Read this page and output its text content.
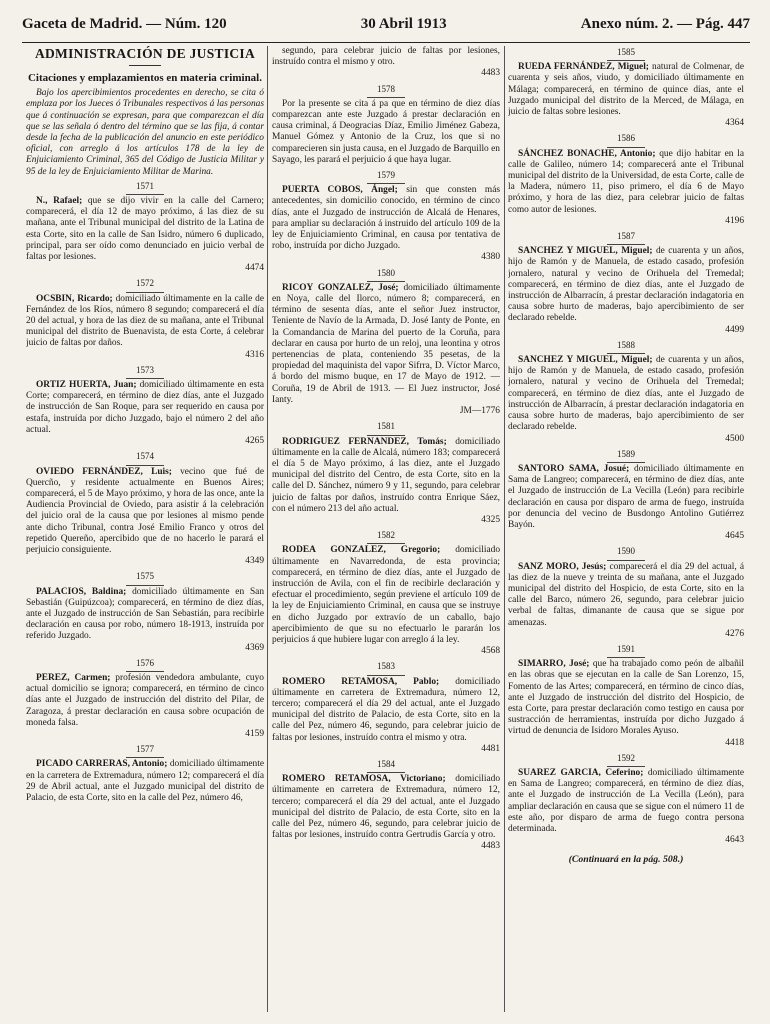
Gaceta de Madrid. — Núm. 120	30 Abril 1913	Anexo núm. 2. — Pág. 447
ADMINISTRACIÓN DE JUSTICIA
Citaciones y emplazamientos en materia criminal.
Bajo los apercibimientos procedentes en derecho, se cita ó emplaza por los Jueces ó Tribunales respectivos á las personas que á continuación se expresan, para que comparezcan el día que se las señala ó dentro del término que se las fija, á contar desde la fecha de la publicación del anuncio en este periódico oficial, con arreglo á los artículos 178 de la ley de Enjuiciamiento Criminal, 365 del Código de Justicia Militar y 95 de la ley de Enjuiciamiento Militar de Marina.
1571
N., Rafael; que se dijo vivir en la calle del Carnero; comparecerá, el día 12 de mayo próximo, á las diez de su mañana, ante el Tribunal municipal del distrito de la Latina de esta Corte, sito en la calle de San Isidro, número 6 duplicado, principal, para ser oído como denunciado en juicio verbal de faltas por lesiones.
4474
1572
OCSBIN, Ricardo; domiciliado últimamente en la calle de Fernández de los Ríos, número 8 segundo; comparecerá el día 20 del actual, y hora de las diez de su mañana, ante el Tribunal municipal del distrito de Buenavista, de esta Corte, á celebrar juicio de faltas por daños.
4316
1573
ORTIZ HUERTA, Juan; domiciliado últimamente en esta Corte; comparecerá, en término de diez días, ante el Juzgado de instrucción de San Roque, para ser requerido en causa por estafa, instruída por dicho Juzgado, bajo el número 2 del año actual.
4265
1574
OVIEDO FERNÁNDEZ, Luis; vecino que fué de Quercño, y residente actualmente en Buenos Aires; comparecerá, el 5 de Mayo próximo, y hora de las once, ante la Audiencia Provincial de Oviedo, para asistir á la celebración del juicio oral de la causa que por lesiones al mismo pende ante dicho Tribunal, contra José Emilio Franco y otros del repetido Quereño, apercibido que de no hacerlo le parará el perjuicio consiguiente.
4349
1575
PALACIOS, Baldina; domiciliado últimamente en San Sebastián (Guipúzcoa); comparecerá, en término de diez días, ante el Juzgado de instrucción de San Sebastián, para recibirle declaración en causa por robo, número 18-1913, instruída por referido Juzgado.
4369
1576
PEREZ, Carmen; profesión vendedora ambulante, cuyo actual domicilio se ignora; comparecerá, en término de cinco días ante el Juzgado de instrucción del distrito del Pilar, de Zaragoza, á prestar declaración en causa sobre ocupación de moneda falsa.
4159
1577
PICADO CARRERAS, Antonio; domiciliado últimamente en la carretera de Extremadura, número 12; comparecerá el día 29 de Abril actual, ante el Juzgado municipal del distrito de Palacio, de esta Corte, sito en la calle del Pez, número 46,
segundo, para celebrar juicio de faltas por lesiones, instruído contra el mismo y otro.
4483
1578
Por la presente se cita á pa que en término de diez días comparezcan ante este Juzgado á prestar declaración en causa criminal, á Deogracias Díaz, Emilio Jiménez Gabeza, Manuel Gómez y Antonio de la Cruz, los que si no comparecieren sin justa causa, en el Juzgado de Barquillo en Sayago, les parará el perjuicio á que haya lugar.
1579
PUERTA COBOS, Ángel; sin que consten más antecedentes, sin domicilio conocido, en término de cinco días, ante el Juzgado de instrucción de Alcalá de Henares, para ampliar su declaración á instruido del artículo 109 de la ley de Enjuiciamiento Criminal, en causa por tentativa de robo, instruída por dicho Juzgado.
4380
1580
RICOY GONZALEZ, José; domiciliado últimamente en Noya, calle del Ilorco, número 8; comparecerá, en término de sesenta días, ante el señor Juez instructor, Teniente de Navío de la Armada, D. José Ianty de Ponte, en la Comandancia de Marina del puerto de la Coruña, para declarar en causa por hurto de un reloj, una leontina y otros pertenencias de plata, conteniendo 35 pesetas, de la propiedad del maquinista del vapor Sifrra, D. Víctor Marco, á bordo del mismo buque, en 17 de Mayo de 1912. — Coruña, 19 de Abril de 1913. — El Juez instructor, José Ianty.
JM—1776
1581
RODRIGUEZ FERNANDEZ, Tomás; domiciliado últimamente en la calle de Alcalá, número 183; comparecerá el día 5 de Mayo próximo, á las diez, ante el Juzgado municipal del distrito del Centro, de esta Corte, sito en la calle del D. Sánchez, número 9 y 11, segundo, para celebrar juicio de faltas por daños, instruído contra Enrique Sáez, con el número 213 del año actual.
4325
1582
RODEA GONZALEZ, Gregorio; domiciliado últimamente en Navarredonda, de esta provincia; comparecerá, en término de diez días, ante el Juzgado de instrucción de Avila, con el fin de recibirle declaración y efectuar el procedimiento, según previene el artículo 109 de la ley de Enjuiciamiento Criminal, en causa que se instruye en dicho Juzgado por extravío de un caballo, bajo apercibimiento de que su no efectuarlo le pararán los perjuicios á que hubiere lugar con arreglo á la ley.
4568
1583
ROMERO RETAMOSA, Pablo; domiciliado últimamente en carretera de Extremadura, número 12, tercero; comparecerá el día 29 del actual, ante el Juzgado municipal del distrito de Palacio, de esta Corte, sito en la calle del Pez, número 46, segundo, para celebrar juicio de faltas por lesiones, instruído contra el mismo y otra.
4481
1584
ROMERO RETAMOSA, Victoriano; domiciliado últimamente en carretera de Extremadura, número 12, tercero; comparecerá el día 29 del actual, ante el Juzgado municipal del distrito de Palacio, de esta Corte, sito en la calle del Pez, número 46, segundo, para celebrar juicio de faltas por lesiones, instruído contra Gertrudis García y otro.
4483
1585
RUEDA FERNÁNDEZ, Miguel; natural de Colmenar, de cuarenta y seis años, viudo, y domiciliado últimamente en Málaga; comparecerá, en término de quince días, ante el Juzgado municipal del distrito de la Merced, de Málaga, en juicio de faltas sobre lesiones.
4364
1586
SÁNCHEZ BONACHE, Antonio; que dijo habitar en la calle de Galileo, número 14; comparecerá ante el Tribunal municipal del distrito de la Universidad, de esta Corte, calle de la Madera, número 11, piso primero, el día 6 de Mayo próximo, y hora de las diez, para celebrar juicio de faltas como autor de lesiones.
4196
1587
SANCHEZ Y MIGUEL, Miguel; de cuarenta y un años, hijo de Ramón y de Manuela, de estado casado, profesión jornalero, natural y vecino de Orihuela del Tremedal; comparecerá, en término de diez días, ante el Juzgado de instrucción de Albarracín, á prestar declaración indagatoria en causa sobre hurto de maderas, bajo apercibimiento de ser declarado rebelde.
4499
1588
SANCHEZ Y MIGUEL, Miguel; de cuarenta y un años, hijo de Ramón y de Manuela, de estado casado, profesión jornalero, natural y vecino de Orihuela del Tremedal; comparecerá, en término de diez días, ante el Juzgado de instrucción de Albarracín, á prestar declaración indagatoria en causa sobre hurto de maderas, bajo apercibimiento de ser declarado rebelde.
4500
1589
SANTORO SAMA, Josué; domiciliado últimamente en Sama de Langreo; comparecerá, en término de diez días, ante el Juzgado de instrucción de La Vecilla (León) para recibirle declaración en causa por disparo de arma de fuego, instruída por denuncia del vecino de Busdongo Antolino Gutiérrez Bayón.
4645
1590
SANZ MORO, Jesús; comparecerá el día 29 del actual, á las diez de la nueve y treinta de su mañana, ante el Juzgado municipal del distrito del Hospicio, de esta Corte, sito en la calle del Barco, número 26, segundo, para celebrar juicio verbal de faltas, dimanante de causa que se sigue por amenazas.
4276
1591
SIMARRO, José; que ha trabajado como peón de albañil en las obras que se ejecutan en la calle de San Lorenzo, 15, Fomento de las Artes; comparecerá, en término de cinco días, ante el Juzgado de instrucción del distrito del Hospicio, de esta Corte, para prestar declaración como testigo en causa por sustracción de herramientas, instruída por dicho Juzgado á virtud de denuncia de Isidoro Morales Ayuso.
4418
1592
SUAREZ GARCIA, Ceferino; domiciliado últimamente en Sama de Langreo; comparecerá, en término de diez días, ante el Juzgado de instrucción de La Vecilla (León), para ampliar declaración en causa que se sigue con el número 11 de este año, por disparo de arma de fuego contra persona determinada.
4643
(Continuará en la pág. 508.)
